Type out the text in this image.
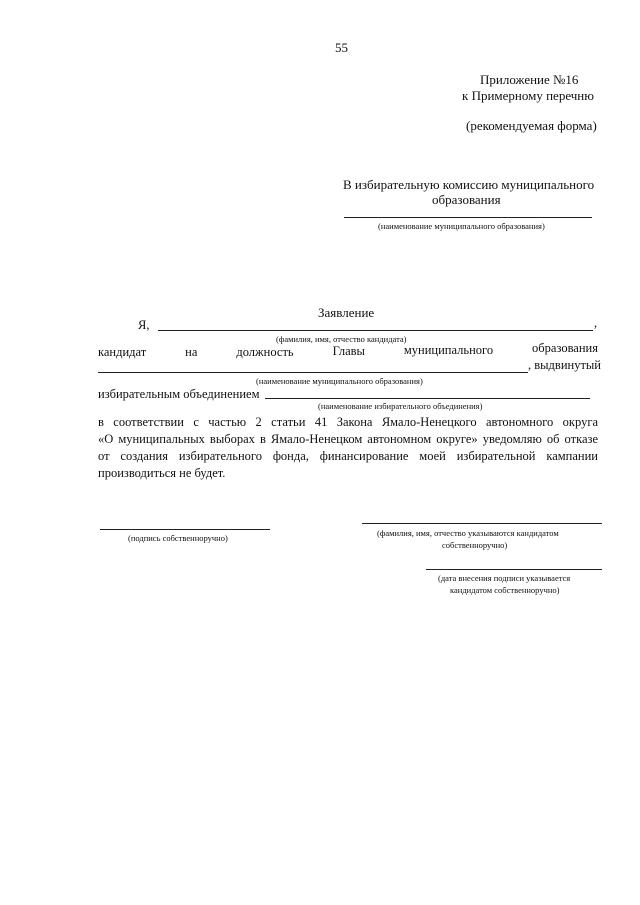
55
Приложение №16
к Примерному перечню
(рекомендуемая форма)
В избирательную комиссию муниципального
образования
(наименование муниципального образования)
Заявление
Я,	,
(фамилия, имя, отчество кандидата)
кандидат	на	должность	Главы	муниципального	образования
, выдвинутый
(наименование муниципального образования)
избирательным объединением
(наименование избирательного объединения)
в соответствии с частью 2 статьи 41 Закона Ямало-Ненецкого автономного округа
«О муниципальных выборах в Ямало-Ненецком автономном округе» уведомляю об отказе
от создания избирательного фонда, финансирование моей избирательной кампании
производиться не будет.
(подпись собственноручно)	(фамилия, имя, отчество указываются кандидатом
собственноручно)
(дата внесения подписи указывается
кандидатом собственноручно)
